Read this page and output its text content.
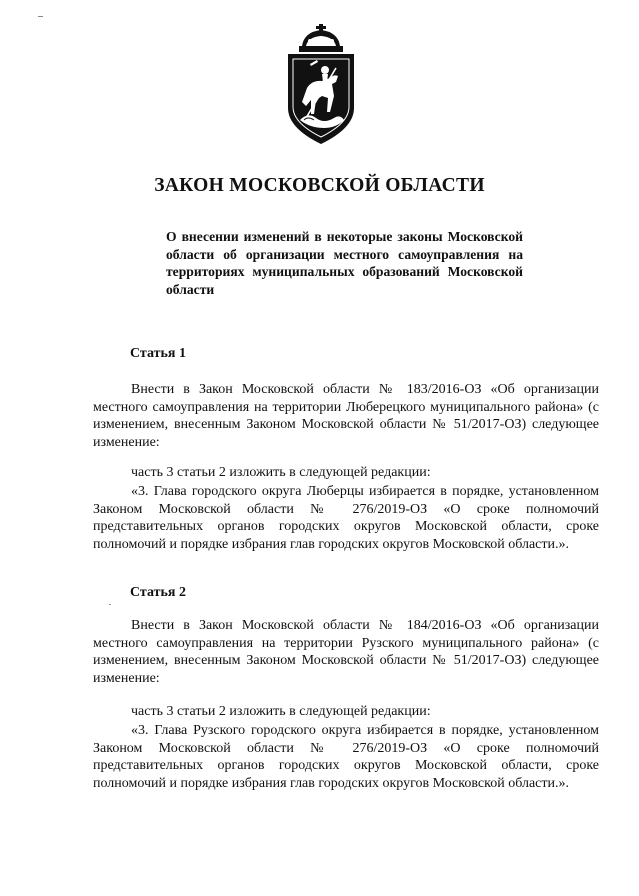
ЗАКОН МОСКОВСКОЙ ОБЛАСТИ
О внесении изменений в некоторые законы Московской области об организации местного самоуправления на территориях муниципальных образований Московской области
Статья 1
Внести в Закон Московской области № 183/2016-ОЗ «Об организации местного самоуправления на территории Люберецкого муниципального района» (с изменением, внесенным Законом Московской области № 51/2017-ОЗ) следующее изменение:
часть 3 статьи 2 изложить в следующей редакции:
«3. Глава городского округа Люберцы избирается в порядке, установленном Законом Московской области № 276/2019-ОЗ «О сроке полномочий представительных органов городских округов Московской области, сроке полномочий и порядке избрания глав городских округов Московской области.».
Статья 2
Внести в Закон Московской области № 184/2016-ОЗ «Об организации местного самоуправления на территории Рузского муниципального района» (с изменением, внесенным Законом Московской области № 51/2017-ОЗ) следующее изменение:
часть 3 статьи 2 изложить в следующей редакции:
«3. Глава Рузского городского округа избирается в порядке, установленном Законом Московской области № 276/2019-ОЗ «О сроке полномочий представительных органов городских округов Московской области, сроке полномочий и порядке избрания глав городских округов Московской области.».
